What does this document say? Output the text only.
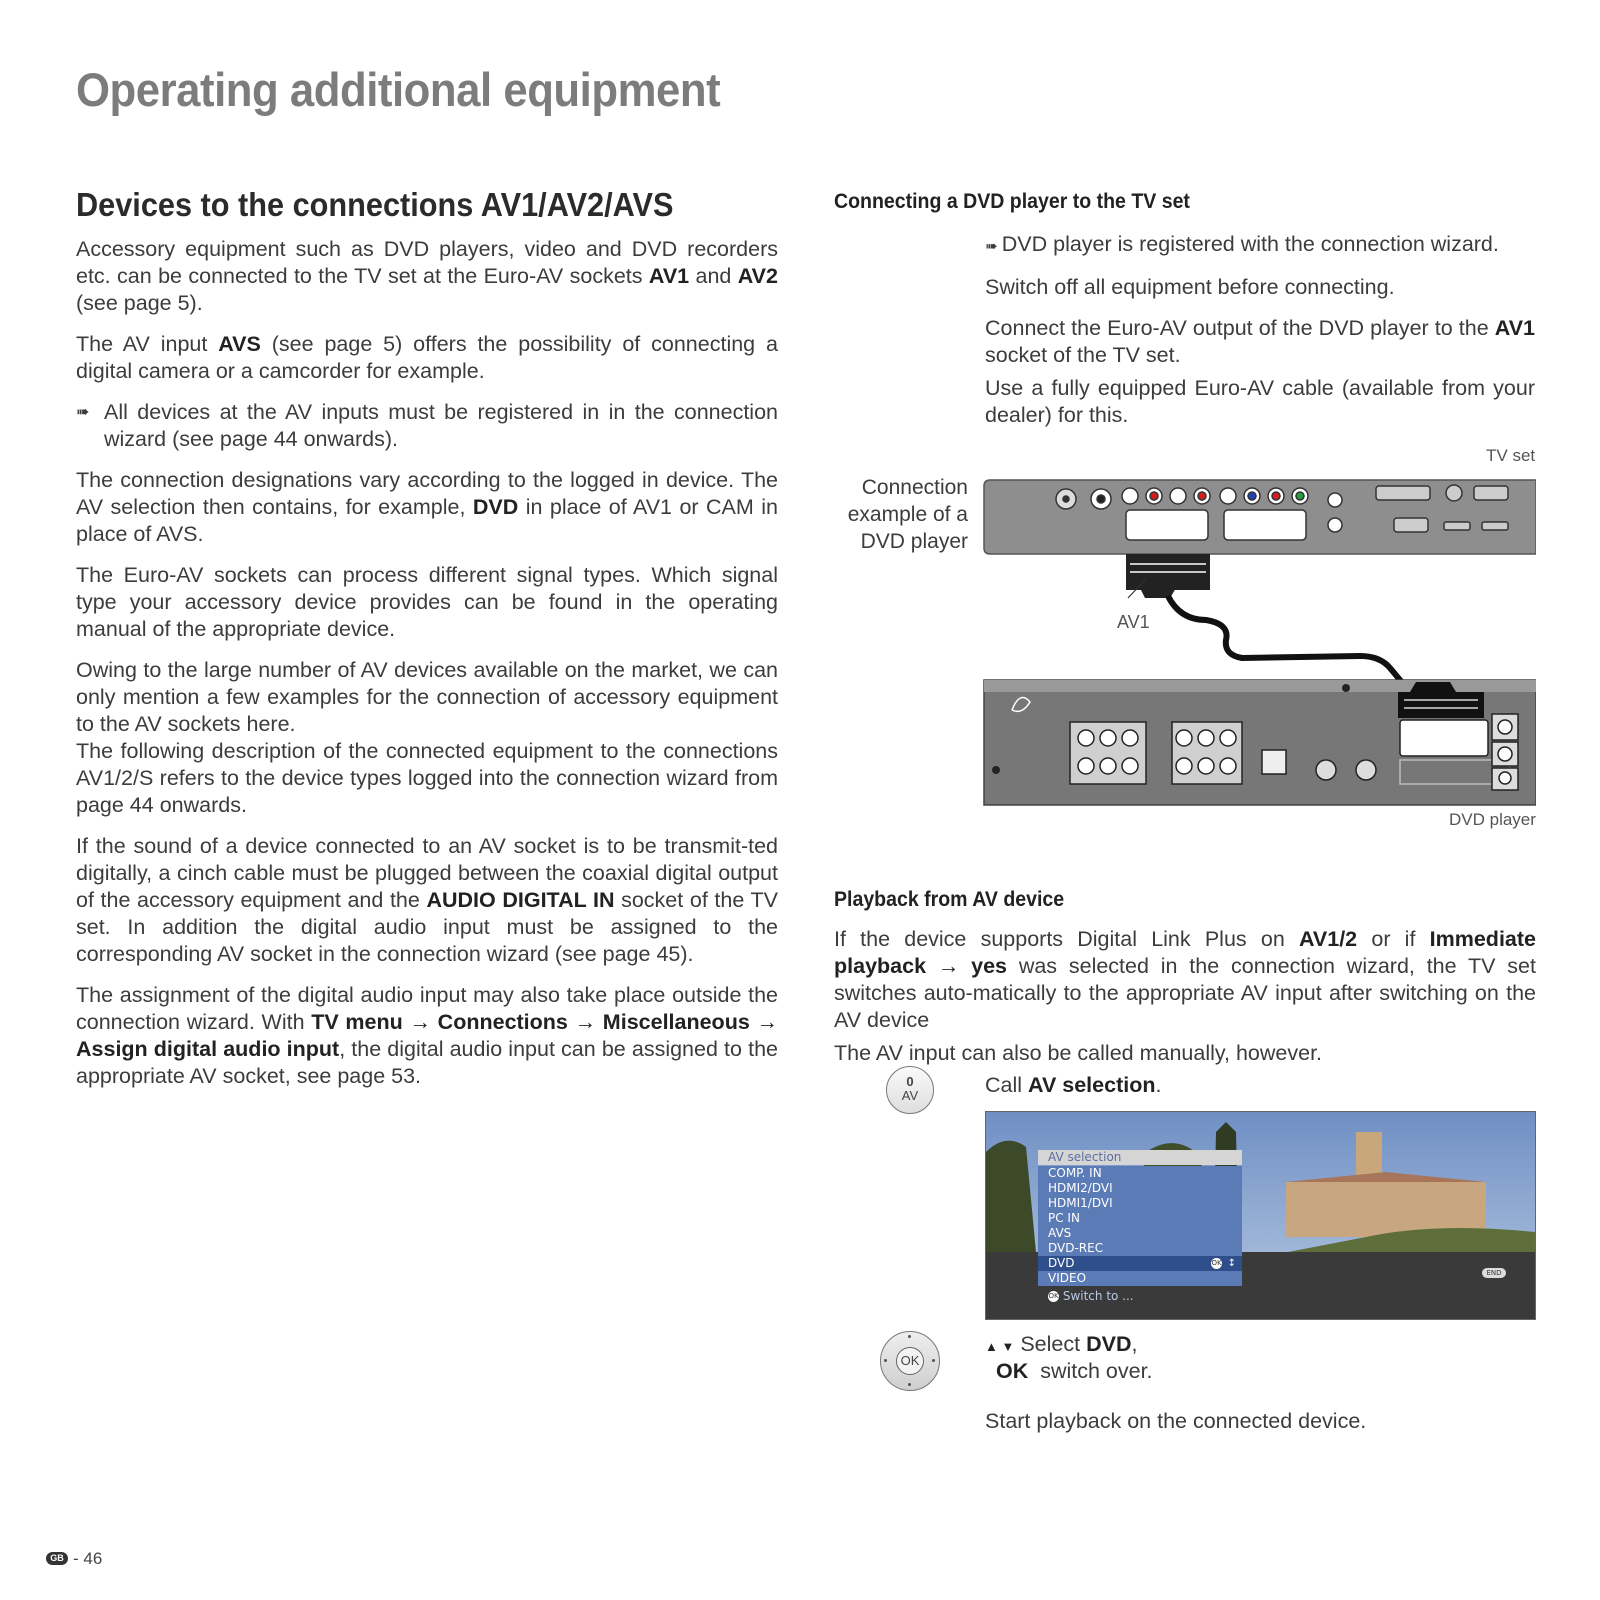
Operating additional equipment
Devices to the connections AV1/AV2/AVS

Accessory equipment such as DVD players, video and DVD recorders etc. can be connected to the TV set at the Euro-AV sockets AV1 and AV2 (see page 5).

The AV input AVS (see page 5) offers the possibility of connecting a digital camera or a camcorder for example.

➠ All devices at the AV inputs must be registered in in the connection wizard (see page 44 onwards).

The connection designations vary according to the logged in device. The AV selection then contains, for example, DVD in place of AV1 or CAM in place of AVS.

The Euro-AV sockets can process different signal types. Which signal type your accessory device provides can be found in the operating manual of the appropriate device.

Owing to the large number of AV devices available on the market, we can only mention a few examples for the connection of accessory equipment to the AV sockets here.

The following description of the connected equipment to the connections AV1/2/S refers to the device types logged into the connection wizard from page 44 onwards.

If the sound of a device connected to an AV socket is to be transmit-ted digitally, a cinch cable must be plugged between the coaxial digital output of the accessory equipment and the AUDIO DIGITAL IN socket of the TV set. In addition the digital audio input must be assigned to the corresponding AV socket in the connection wizard (see page 45).

The assignment of the digital audio input may also take place outside the connection wizard. With TV menu → Connections → Miscellaneous → Assign digital audio input, the digital audio input can be assigned to the appropriate AV socket, see page 53.

Connecting a DVD player to the TV set

➠ DVD player is registered with the connection wizard.

Switch off all equipment before connecting.

Connect the Euro-AV output of the DVD player to the AV1 socket of the TV set.

Use a fully equipped Euro-AV cable (available from your dealer) for this.

TV set
Connection example of a DVD player
AV1
DVD player
Playback from AV device

If the device supports Digital Link Plus on AV1/2 or if Immediate playback → yes was selected in the connection wizard, the TV set switches auto-matically to the appropriate AV input after switching on the AV device

The AV input can also be called manually, however.

0
AV	Call AV selection.
AV selection
COMP. IN
HDMI2/DVI
HDMI1/DVI
PC IN
AVS
DVD-REC
DVD	OK ↕
VIDEO
OK Switch to ...
END
OK
▲ ▼ Select DVD,
OK switch over.
Start playback on the connected device.
GB - 46
